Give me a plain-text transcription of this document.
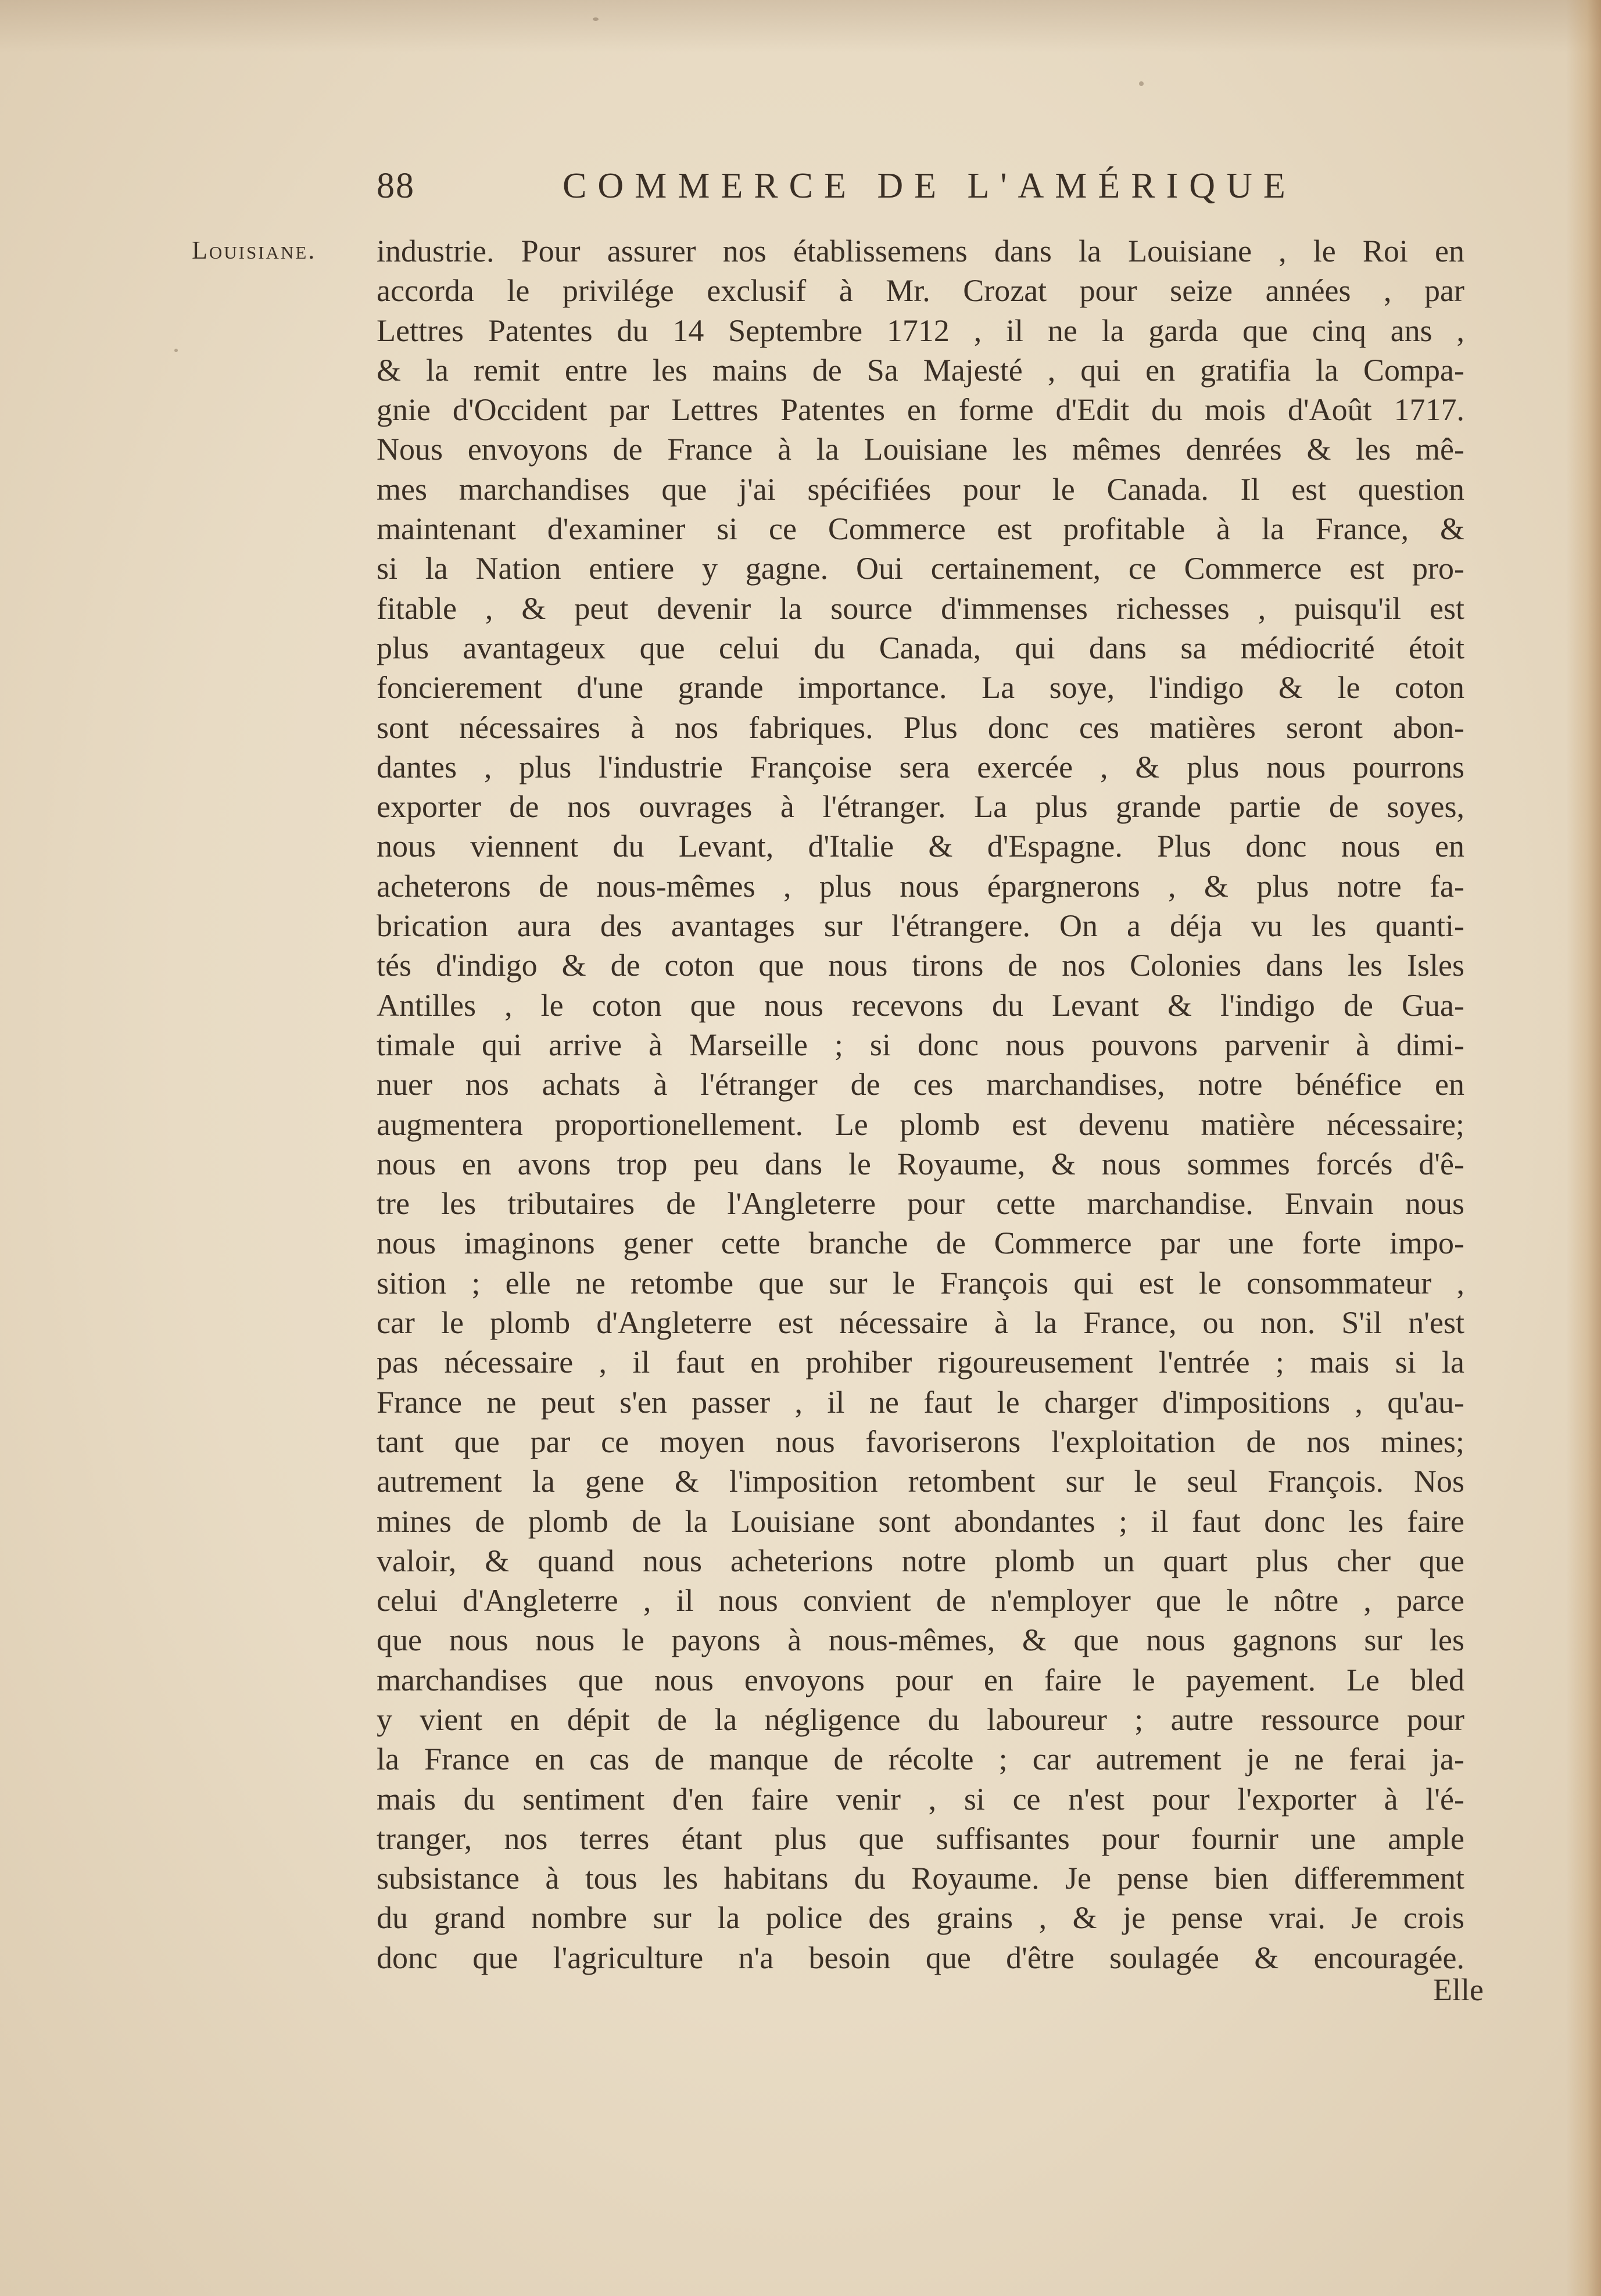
88	COMMERCE DE L'AMÉRIQUE
Louisiane.	industrie. Pour assurer nos établissemens dans la Louisiane , le Roi en
accorda le privilége exclusif à Mr. Crozat pour seize années , par
Lettres Patentes du 14 Septembre 1712 , il ne la garda que cinq ans ,
& la remit entre les mains de Sa Majesté , qui en gratifia la Compa-
gnie d'Occident par Lettres Patentes en forme d'Edit du mois d'Août 1717.
Nous envoyons de France à la Louisiane les mêmes denrées & les mê-
mes marchandises que j'ai spécifiées pour le Canada. Il est question
maintenant d'examiner si ce Commerce est profitable à la France, &
si la Nation entiere y gagne. Oui certainement, ce Commerce est pro-
fitable , & peut devenir la source d'immenses richesses , puisqu'il est
plus avantageux que celui du Canada, qui dans sa médiocrité étoit
foncierement d'une grande importance. La soye, l'indigo & le coton
sont nécessaires à nos fabriques. Plus donc ces matières seront abon-
dantes , plus l'industrie Françoise sera exercée , & plus nous pourrons
exporter de nos ouvrages à l'étranger. La plus grande partie de soyes,
nous viennent du Levant, d'Italie & d'Espagne. Plus donc nous en
acheterons de nous-mêmes , plus nous épargnerons , & plus notre fa-
brication aura des avantages sur l'étrangere. On a déja vu les quanti-
tés d'indigo & de coton que nous tirons de nos Colonies dans les Isles
Antilles , le coton que nous recevons du Levant & l'indigo de Gua-
timale qui arrive à Marseille ; si donc nous pouvons parvenir à dimi-
nuer nos achats à l'étranger de ces marchandises, notre bénéfice en
augmentera proportionellement. Le plomb est devenu matière nécessaire;
nous en avons trop peu dans le Royaume, & nous sommes forcés d'ê-
tre les tributaires de l'Angleterre pour cette marchandise. Envain nous
nous imaginons gener cette branche de Commerce par une forte impo-
sition ; elle ne retombe que sur le François qui est le consommateur ,
car le plomb d'Angleterre est nécessaire à la France, ou non. S'il n'est
pas nécessaire , il faut en prohiber rigoureusement l'entrée ; mais si la
France ne peut s'en passer , il ne faut le charger d'impositions , qu'au-
tant que par ce moyen nous favoriserons l'exploitation de nos mines;
autrement la gene & l'imposition retombent sur le seul François. Nos
mines de plomb de la Louisiane sont abondantes ; il faut donc les faire
valoir, & quand nous acheterions notre plomb un quart plus cher que
celui d'Angleterre , il nous convient de n'employer que le nôtre , parce
que nous nous le payons à nous-mêmes, & que nous gagnons sur les
marchandises que nous envoyons pour en faire le payement. Le bled
y vient en dépit de la négligence du laboureur ; autre ressource pour
la France en cas de manque de récolte ; car autrement je ne ferai ja-
mais du sentiment d'en faire venir , si ce n'est pour l'exporter à l'é-
tranger, nos terres étant plus que suffisantes pour fournir une ample
subsistance à tous les habitans du Royaume. Je pense bien differemment
du grand nombre sur la police des grains , & je pense vrai. Je crois
donc que l'agriculture n'a besoin que d'être soulagée & encouragée.
Elle
